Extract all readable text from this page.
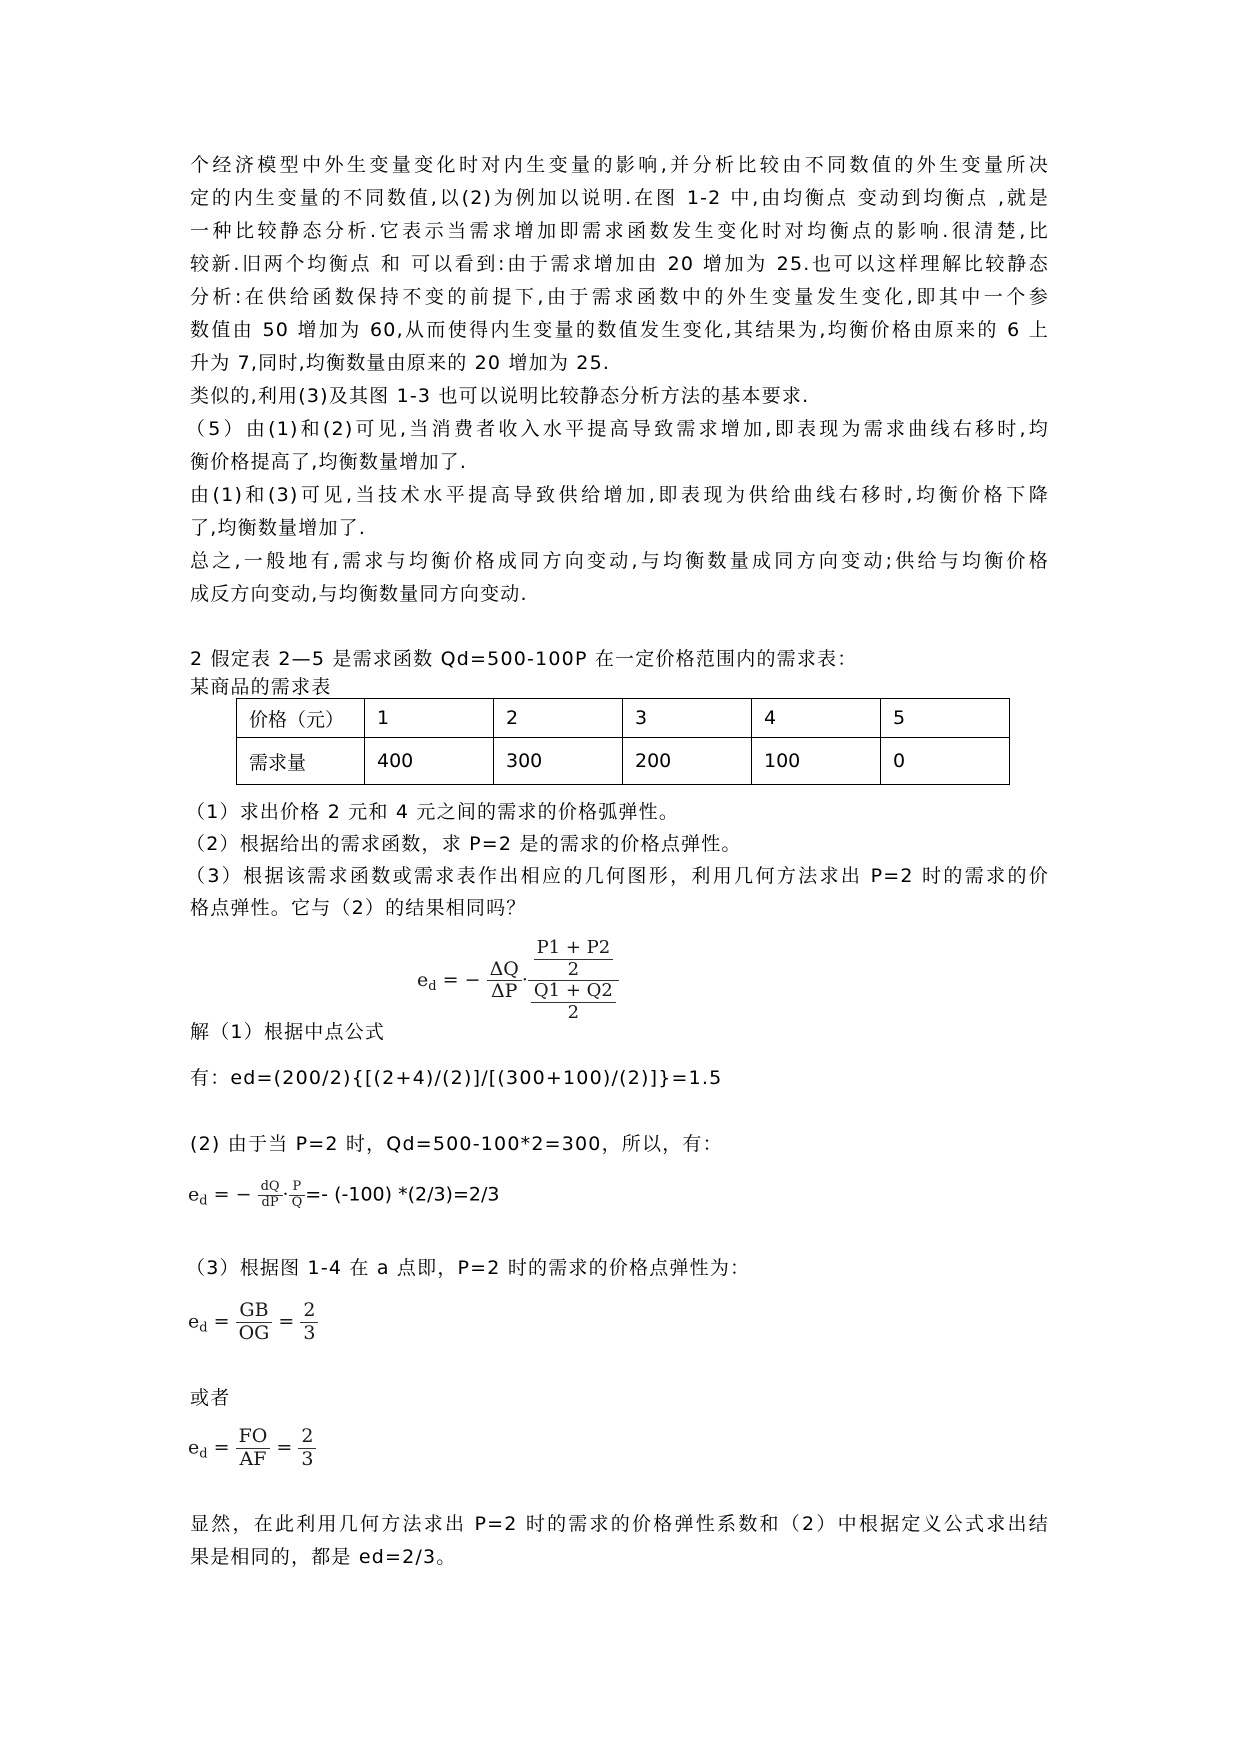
个经济模型中外生变量变化时对内生变量的影响,并分析比较由不同数值的外生变量所决
定的内生变量的不同数值,以(2)为例加以说明.在图 1-2 中,由均衡点 变动到均衡点 ,就是
一种比较静态分析.它表示当需求增加即需求函数发生变化时对均衡点的影响.很清楚,比
较新.旧两个均衡点 和 可以看到:由于需求增加由 20 增加为 25.也可以这样理解比较静态
分析:在供给函数保持不变的前提下,由于需求函数中的外生变量发生变化,即其中一个参
数值由 50 增加为 60,从而使得内生变量的数值发生变化,其结果为,均衡价格由原来的 6 上
升为 7,同时,均衡数量由原来的 20 增加为 25.
类似的,利用(3)及其图 1-3 也可以说明比较静态分析方法的基本要求.
（5）由(1)和(2)可见,当消费者收入水平提高导致需求增加,即表现为需求曲线右移时,均
衡价格提高了,均衡数量增加了.
由(1)和(3)可见,当技术水平提高导致供给增加,即表现为供给曲线右移时,均衡价格下降
了,均衡数量增加了.
总之,一般地有,需求与均衡价格成同方向变动,与均衡数量成同方向变动;供给与均衡价格
成反方向变动,与均衡数量同方向变动.
2 假定表 2—5 是需求函数 Qd=500-100P 在一定价格范围内的需求表：
某商品的需求表
价格（元）	1	2	3	4	5
需求量	400	300	200	100	0
（1）求出价格 2 元和 4 元之间的需求的价格弧弹性。
（2）根据给出的需求函数，求 P=2 是的需求的价格点弹性。
（3）根据该需求函数或需求表作出相应的几何图形，利用几何方法求出 P=2 时的需求的价
格点弹性。它与（2）的结果相同吗？
$e_d$ = − $\frac{\Delta Q}{\Delta P} \cdot \frac{\frac{P1 + P2}{2}}{\frac{Q1 + Q2}{2}}$
解（1）根据中点公式
有：ed=(200/2){[(2+4)/(2)]/[(300+100)/(2)]}=1.5
(2) 由于当 P=2 时，Qd=500-100*2=300，所以，有：
$e_d$ = − $\frac{dQ}{dP} \cdot \frac{P}{Q} =- (-100)$ *(2/3)=2/3
（3）根据图 1-4 在 a 点即，P=2 时的需求的价格点弹性为：
$e_d = \frac{GB}{OG} = \frac{2}{3}$
或者
$e_d = \frac{FO}{AF} = \frac{2}{3}$
显然，在此利用几何方法求出 P=2 时的需求的价格弹性系数和（2）中根据定义公式求出结
果是相同的，都是 ed=2/3。
